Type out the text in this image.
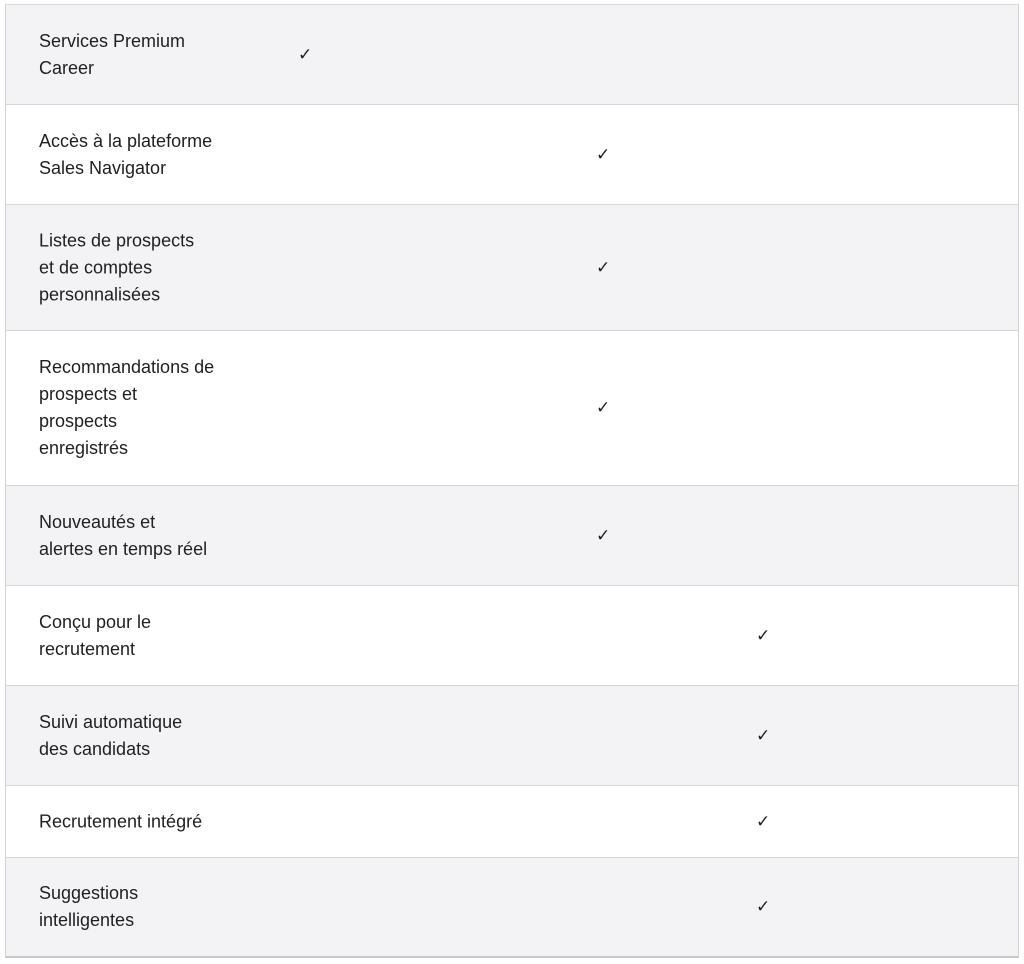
Services Premium
Career
✓
Accès à la plateforme
Sales Navigator
✓
Listes de prospects
et de comptes
personnalisées
✓
Recommandations de
prospects et
prospects
enregistrés
✓
Nouveautés et
alertes en temps réel
✓
Conçu pour le
recrutement
✓
Suivi automatique
des candidats
✓
Recrutement intégré	✓
Suggestions
intelligentes
✓
